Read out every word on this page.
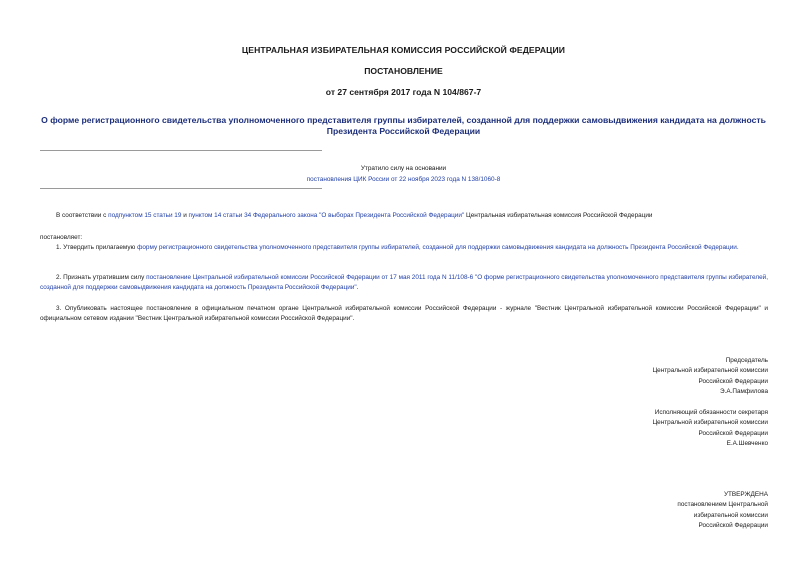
ЦЕНТРАЛЬНАЯ ИЗБИРАТЕЛЬНАЯ КОМИССИЯ РОССИЙСКОЙ ФЕДЕРАЦИИ
ПОСТАНОВЛЕНИЕ
от 27 сентября 2017 года N 104/867-7
О форме регистрационного свидетельства уполномоченного представителя группы избирателей, созданной для поддержки самовыдвижения кандидата на должность Президента Российской Федерации
Утратило силу на основании
постановления ЦИК России от 22 ноября 2023 года N 138/1060-8
В соответствии с подпунктом 15 статьи 19 и пунктом 14 статьи 34 Федерального закона "О выборах Президента Российской Федерации" Центральная избирательная комиссия Российской Федерации
постановляет:
1. Утвердить прилагаемую форму регистрационного свидетельства уполномоченного представителя группы избирателей, созданной для поддержки самовыдвижения кандидата на должность Президента Российской Федерации.
2. Признать утратившим силу постановление Центральной избирательной комиссии Российской Федерации от 17 мая 2011 года N 11/108-6 "О форме регистрационного свидетельства уполномоченного представителя группы избирателей, созданной для поддержки самовыдвижения кандидата на должность Президента Российской Федерации".
3. Опубликовать настоящее постановление в официальном печатном органе Центральной избирательной комиссии Российской Федерации - журнале "Вестник Центральной избирательной комиссии Российской Федерации" и официальном сетевом издании "Вестник Центральной избирательной комиссии Российской Федерации".
Председатель
Центральной избирательной комиссии
Российской Федерации
Э.А.Памфилова
Исполняющий обязанности секретаря
Центральной избирательной комиссии
Российской Федерации
Е.А.Шевченко
УТВЕРЖДЕНА
постановлением Центральной
избирательной комиссии
Российской Федерации
